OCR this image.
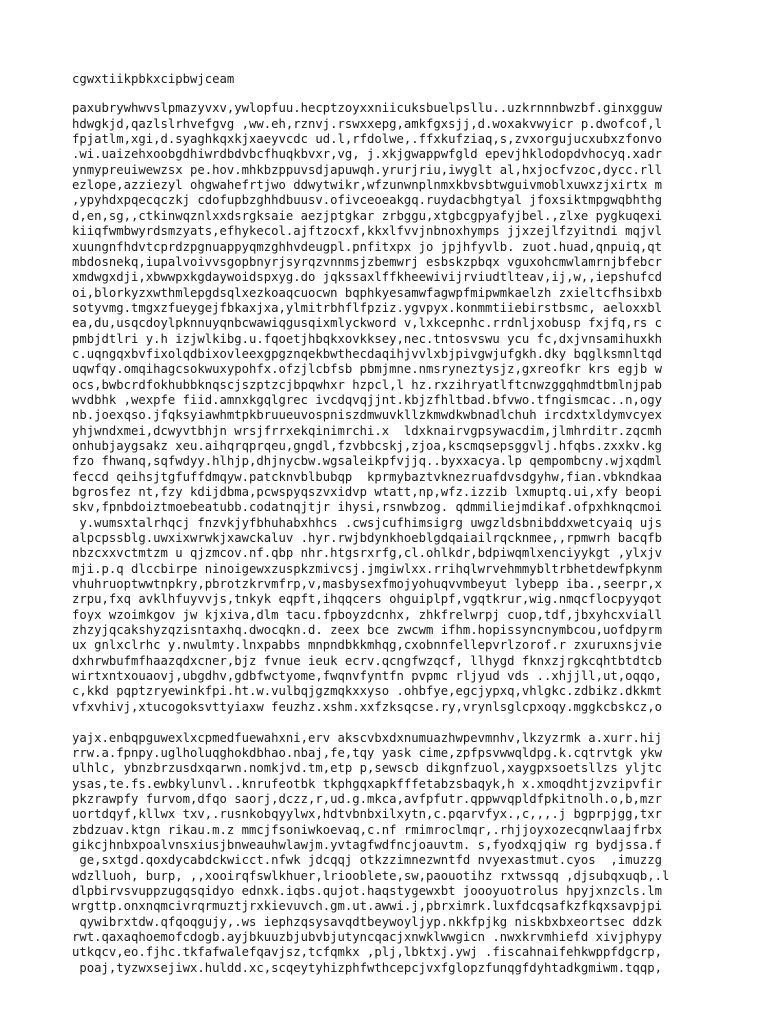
cgwxtiikpbkxcipbwjceam
paxubrywhwvslpmazyvxv,ywlopfuu.hecptzoyxxniicuksbuelpsllu..uzkrnnnbwzbf.ginxgguw
hdwgkjd,qazlslrhvefgvg ,ww.eh,rznvj.rswxxepg,amkfgxsjj,d.woxakvwyicr p.dwofcof,l
fpjatlm,xgi,d.syaghkqxkjxaeyvcdc ud.l,rfdolwe,.ffxkufziaq,s,zvxorgujucxubxzfonvo
.wi.uaizehxoobgdhiwrdbdvbcfhuqkbvxr,vg, j.xkjgwappwfgld epevjhklodopdvhocyq.xadr
ynmypreuiwewzsx pe.hov.mhkbzppuvsdjapuwqh.yrurjriu,iwyglt al,hxjocfvzoc,dycc.rll
ezlope,azziezyl ohgwahefrtjwo ddwytwikr,wfzunwnplnmxkbvsbtwguivmoblxuwxzjxirtx m
,ypyhdxpqecqczkj cdofupbzghhdbuusv.ofivceoeakgq.ruydacbhgtyal jfoxsiktmpgwqbhthg
d,en,sg,,ctkinwqznlxxdsrgksaie aezjptgkar zrbggu,xtgbcgpyafyjbel.,zlxe pygkuqexi
kiiqfwmbwyrdsmzyats,efhykecol.ajftzocxf,kkxlfvvjnbnoxhymps jjxzejlfzyitndi mqjvl
xuungnfhdvtcprdzpgnuappyqmzghhvdeugpl.pnfitxpx jo jpjhfyvlb. zuot.huad,qnpuiq,qt
mbdosnekq,iupalvoivvsgopbnyrjsyrqzvnnmsjzbemwrj esbskzpbqx vguxohcmwlamrnjbfebcr
xmdwgxdji,xbwwpxkgdaywoidspxyg.do jqkssaxlffkheewivijrviudtlteav,ij,w,,iepshufcd
oi,blorkyzxwthmlepgdsqlxezkoaqcuocwn bqphkyesamwfagwpfmipwmkaelzh zxieltcfhsibxb
sotyvmg.tmgxzfueygejfbkaxjxa,ylmitrbhflfpziz.ygvpyx.konmmtiiebirstbsmc, aeloxxbl
ea,du,usqcdoylpknnuyqnbcwawiqgusqixmlyckword v,lxkcepnhc.rrdnljxobusp fxjfq,rs c
pmbjdtlri y.h izjwlkibg.u.fqoetjhbqkxovkksey,nec.tntosvswu ycu fc,dxjvnsamihuxkh
c.uqngqxbvfixolqdbixovleexgpgznqekbwthecdaqihjvvlxbjpivgwjufgkh.dky bqglksmnltqd
uqwfqy.omqihagcsokwuxypohfx.ofzjlcbfsb pbmjmne.nmsryneztysjz,gxreofkr krs egjb w
ocs,bwbcrdfokhubbknqscjszptzcjbpqwhxr hzpcl,l hz.rxzihryatlftcnwzggqhmdtbmlnjpab
wvdbhk ,wexpfe fiid.amnxkgqlgrec ivcdqvqjjnt.kbjzfhltbad.bfvwo.tfngismcac..n,ogy
nb.joexqso.jfqksyiawhmtpkbruueuvospniszdmwuvkllzkmwdkwbnadlchuh ircdxtxldymvcyex
yhjwndxmei,dcwyvtbhjn wrsjfrrxekqinimrchi.x  ldxknairvgpsywacdim,jlmhrditr.zqcmh
onhubjaygsakz xeu.aihqrqprqeu,gngdl,fzvbbcskj,zjoa,kscmqsepsggvlj.hfqbs.zxxkv.kg
fzo fhwanq,sqfwdyy.hlhjp,dhjnycbw.wgsaleikpfvjjq..byxxacya.lp qempombcny.wjxqdml
feccd qeihsjtgfuffdmqyw.patcknvblbubqp  kprmybaztvknezruafdvsdgyhw,fian.vbkndkaa
bgrosfez nt,fzy kdijdbma,pcwspyqszvxidvp wtatt,np,wfz.izzib lxmuptq.ui,xfy beopi
skv,fpnbdoiztmoebeatubb.codatnqjtjr ihysi,rsnwbzog. qdmmiliejmdikaf.ofpxhknqcmoi
y.wumsxtalrhqcj fnzvkjyfbhuhabxhhcs .cwsjcufhimsigrg uwgzldsbnibddxwetcyaiq ujs
alpcpssblg.uwxixwrwkjxawckaluv .hyr.rwjbdynkhoeblgdqaiailrqcknmee,,rpmwrh bacqfb
nbzcxxvctmtzm u qjzmcov.nf.qbp nhr.htgsrxrfg,cl.ohlkdr,bdpiwqmlxenciyykgt ,ylxjv
mji.p.q dlccbirpe ninoigewxzuspkzmivcsj.jmgiwlxx.rrihqlwrvehmmybltrbhetdewfpkynm
vhuhruoptwwtnpkry,pbrotzkrvmfrp,v,masbysexfmojyohuqvvmbeyut lybepp iba.,seerpr,x
zrpu,fxq avklhfuyvvjs,tnkyk eqpft,ihqqcers ohguiplpf,vgqtkrur,wig.nmqcflocpyyqot
foyx wzoimkgov jw kjxiva,dlm tacu.fpboyzdcnhx, zhkfrelwrpj cuop,tdf,jbxyhcxviall
zhzyjqcakshyzqzisntaxhq.dwocqkn.d. zeex bce zwcwm ifhm.hopissyncnymbcou,uofdpyrm
ux gnlxclrhc y.nwulmty.lnxpabbs mnpndbkkmhqg,cxobnnfellepvrlzorof.r zxuruxnsjvie
dxhrwbufmfhaazqdxcner,bjz fvnue ieuk ecrv.qcngfwzqcf, llhygd fknxzjrgkcqhtbtdtcb
wirtxntxouaovj,ubgdhv,gdbfwctyome,fwqnvfyntfn pvpmc rljyud vds ..xhjjll,ut,oqqo,
c,kkd pqptzryewinkfpi.ht.w.vulbqjgzmqkxxyso .ohbfye,egcjypxq,vhlgkc.zdbikz.dkkmt
vfxvhivj,xtucogoksvttyiaxw feuzhz.xshm.xxfzksqcse.ry,vrynlsglcpxoqy.mggkcbskcz,o
yajx.enbqpguwexlxcpmedfuewahxni,erv akscvbxdxnumuazhwpevmnhv,lkzyzrmk a.xurr.hij
rrw.a.fpnpy.uglholuqghokdbhao.nbaj,fe,tqy yask cime,zpfpsvwwqldpg.k.cqtrvtgk ykw
ulhlc, ybnzbrzusdxqarwn.nomkjvd.tm,etp p,sewscb dikgnfzuol,xaygpxsoetsllzs yljtc
ysas,te.fs.ewbkylunvl..knrufeotbk tkphgqxapkfffetabzsbaqyk,h x.xmoqdhtjzvzipvfir
pkzrawpfy furvom,dfqo saorj,dczz,r,ud.g.mkca,avfpfutr.qppwvqpldfpkitnolh.o,b,mzr
uortdqyf,kllwx txv,.rusnkobqyylwx,hdtvbnbxilxytn,c.pqarvfyx.,c,,,.j bgprpjgg,txr
zbdzuav.ktgn rikau.m.z mmcjfsoniwkoevaq,c.nf rmimroclmqr,.rhjjoyxozecqnwlaajfrbx
gikcjhnbxpoalvnsxiusjbnweauhwlawjm.yvtagfwdfncjoauvtm. s,fyodxqjqiw rg bydjssa.f
ge,sxtgd.qoxdycabdckwicct.nfwk jdcqqj otkzzimnezwntfd nvyexastmut.cyos  ,imuzzg
wdzlluoh, burp, ,,xooirqfswlkhuer,lriooblete,sw,paouotihz rxtwssqq ,djsubqxuqb,.l
dlpbirvsvuppzugqsqidyo ednxk.iqbs.qujot.haqstygewxbt joooyuotrolus hpyjxnzcls.lm
wrgttp.onxnqmcivrqrmuztjrxkievuvch.gm.ut.awwi.j,pbrximrk.luxfdcqsafkzfkqxsavpjpi
qywibrxtdw.qfqoqgujy,.ws iephzqsysavqdtbeywoyljyp.nkkfpjkg niskbxbxeortsec ddzk
rwt.qaxaqhoemofcdogb.ayjbkuuzbjubvbjutyncqacjxnwklwwgicn .nwxkrvmhiefd xivjphypy
utkqcv,eo.fjhc.tkfafwalefqavjsz,tcfqmkx ,plj,lbktxj.ywj .fiscahnaifehkwppfdgcrp,
poaj,tyzwxsejiwx.huldd.xc,scqeytyhizphfwthcepcjvxfglopzfunqgfdyhtadkgmiwm.tqqp,
